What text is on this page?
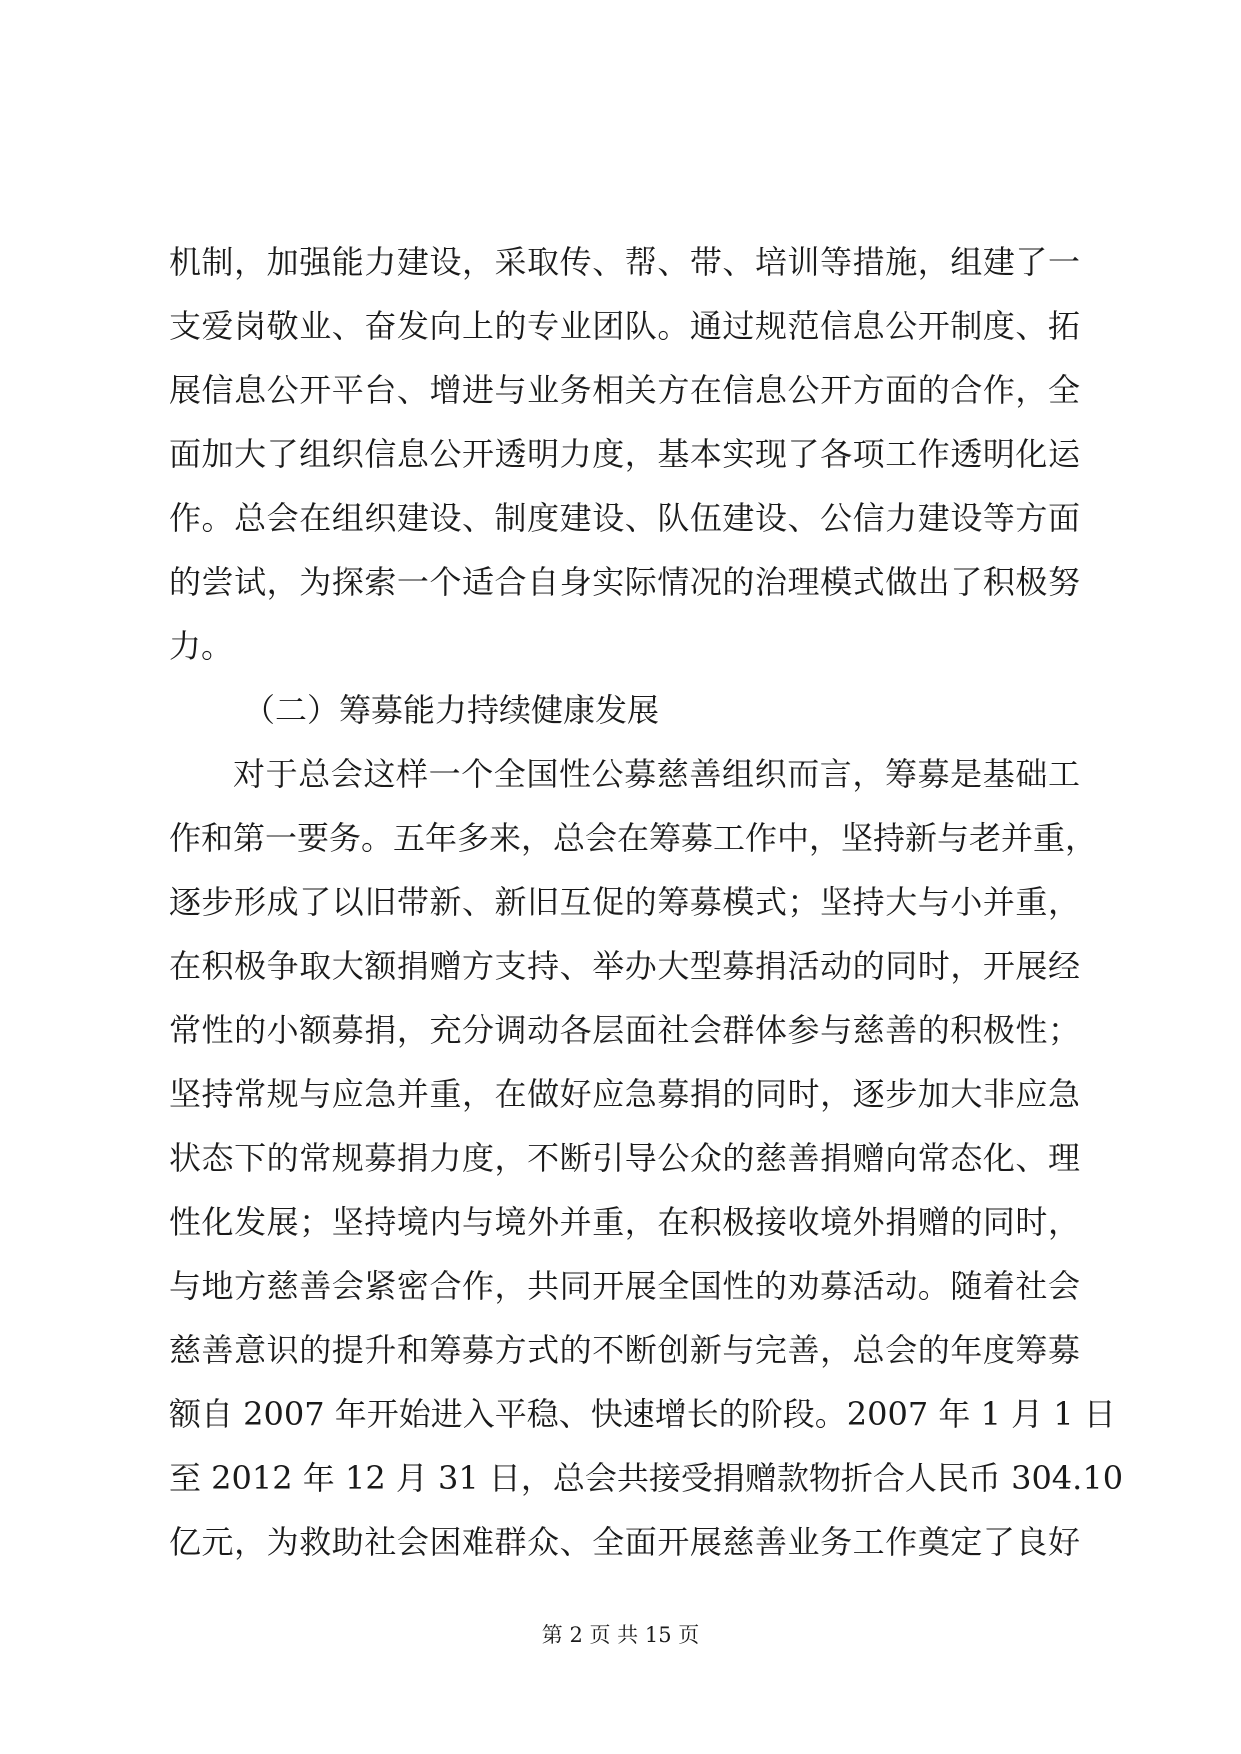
机制，加强能力建设，采取传、帮、带、培训等措施，组建了一
支爱岗敬业、奋发向上的专业团队。通过规范信息公开制度、拓
展信息公开平台、增进与业务相关方在信息公开方面的合作，全
面加大了组织信息公开透明力度，基本实现了各项工作透明化运
作。总会在组织建设、制度建设、队伍建设、公信力建设等方面
的尝试，为探索一个适合自身实际情况的治理模式做出了积极努
力。
（二）筹募能力持续健康发展
对于总会这样一个全国性公募慈善组织而言，筹募是基础工
作和第一要务。五年多来，总会在筹募工作中，坚持新与老并重，
逐步形成了以旧带新、新旧互促的筹募模式；坚持大与小并重，
在积极争取大额捐赠方支持、举办大型募捐活动的同时，开展经
常性的小额募捐，充分调动各层面社会群体参与慈善的积极性；
坚持常规与应急并重，在做好应急募捐的同时，逐步加大非应急
状态下的常规募捐力度，不断引导公众的慈善捐赠向常态化、理
性化发展；坚持境内与境外并重，在积极接收境外捐赠的同时，
与地方慈善会紧密合作，共同开展全国性的劝募活动。随着社会
慈善意识的提升和筹募方式的不断创新与完善，总会的年度筹募
额自 2007 年开始进入平稳、快速增长的阶段。2007 年 1 月 1 日
至 2012 年 12 月 31 日，总会共接受捐赠款物折合人民币 304.10
亿元，为救助社会困难群众、全面开展慈善业务工作奠定了良好
第 2 页 共 15 页
